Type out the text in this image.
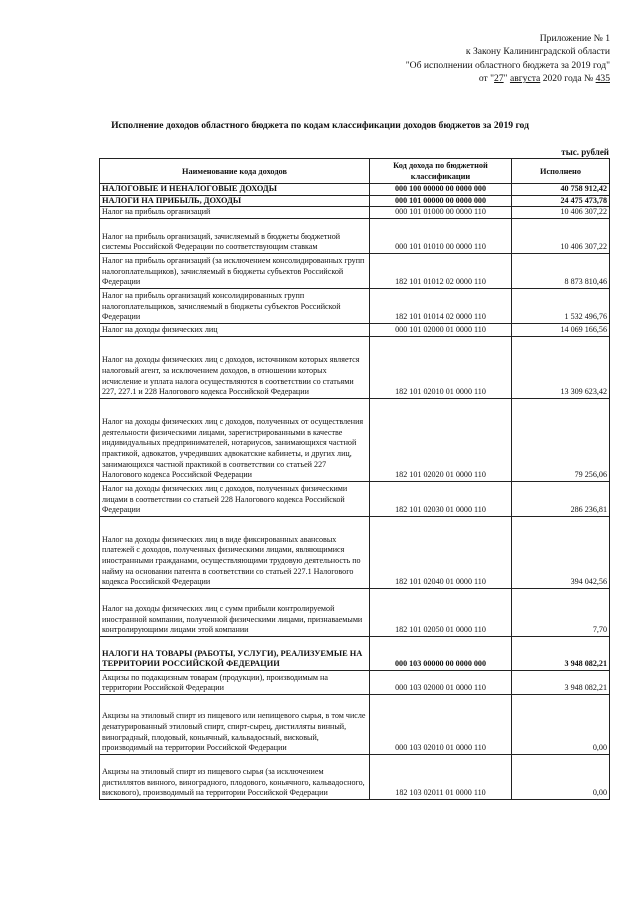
Приложение № 1
к Закону Калининградской области
"Об исполнении областного бюджета за 2019 год"
от "27" августа 2020 года № 435
Исполнение доходов областного бюджета по кодам классификации доходов бюджетов за 2019 год
тыс. рублей
Наименование кода доходов	Код дохода по бюджетной классификации	Исполнено
НАЛОГОВЫЕ И НЕНАЛОГОВЫЕ ДОХОДЫ	000 100 00000 00 0000 000	40 758 912,42
НАЛОГИ НА ПРИБЫЛЬ, ДОХОДЫ	000 101 00000 00 0000 000	24 475 473,78
Налог на прибыль организаций	000 101 01000 00 0000 110	10 406 307,22
Налог на прибыль организаций, зачисляемый в бюджеты бюджетной системы Российской Федерации по соответствующим ставкам	000 101 01010 00 0000 110	10 406 307,22
Налог на прибыль организаций (за исключением консолидированных групп налогоплательщиков), зачисляемый в бюджеты субъектов Российской Федерации	182 101 01012 02 0000 110	8 873 810,46
Налог на прибыль организаций консолидированных групп налогоплательщиков, зачисляемый в бюджеты субъектов Российской Федерации	182 101 01014 02 0000 110	1 532 496,76
Налог на доходы физических лиц	000 101 02000 01 0000 110	14 069 166,56
Налог на доходы физических лиц с доходов, источником которых является налоговый агент, за исключением доходов, в отношении которых исчисление и уплата налога осуществляются в соответствии со статьями 227, 227.1 и 228 Налогового кодекса Российской Федерации	182 101 02010 01 0000 110	13 309 623,42
Налог на доходы физических лиц с доходов, полученных от осуществления деятельности физическими лицами, зарегистрированными в качестве индивидуальных предпринимателей, нотариусов, занимающихся частной практикой, адвокатов, учредивших адвокатские кабинеты, и других лиц, занимающихся частной практикой в соответствии со статьей 227 Налогового кодекса Российской Федерации	182 101 02020 01 0000 110	79 256,06
Налог на доходы физических лиц с доходов, полученных физическими лицами в соответствии со статьей 228 Налогового кодекса Российской Федерации	182 101 02030 01 0000 110	286 236,81
Налог на доходы физических лиц в виде фиксированных авансовых платежей с доходов, полученных физическими лицами, являющимися иностранными гражданами, осуществляющими трудовую деятельность по найму на основании патента в соответствии со статьей 227.1 Налогового кодекса Российской Федерации	182 101 02040 01 0000 110	394 042,56
Налог на доходы физических лиц с сумм прибыли контролируемой иностранной компании, полученной физическими лицами, признаваемыми контролирующими лицами этой компании	182 101 02050 01 0000 110	7,70
НАЛОГИ НА ТОВАРЫ (РАБОТЫ, УСЛУГИ), РЕАЛИЗУЕМЫЕ НА ТЕРРИТОРИИ РОССИЙСКОЙ ФЕДЕРАЦИИ	000 103 00000 00 0000 000	3 948 082,21
Акцизы по подакцизным товарам (продукции), производимым на территории Российской Федерации	000 103 02000 01 0000 110	3 948 082,21
Акцизы на этиловый спирт из пищевого или непищевого сырья, в том числе денатурированный этиловый спирт, спирт-сырец, дистилляты винный, виноградный, плодовый, коньячный, кальвадосный, висковый, производимый на территории Российской Федерации	000 103 02010 01 0000 110	0,00
Акцизы на этиловый спирт из пищевого сырья (за исключением дистиллятов винного, виноградного, плодового, коньячного, кальвадосного, вискового), производимый на территории Российской Федерации	182 103 02011 01 0000 110	0,00
